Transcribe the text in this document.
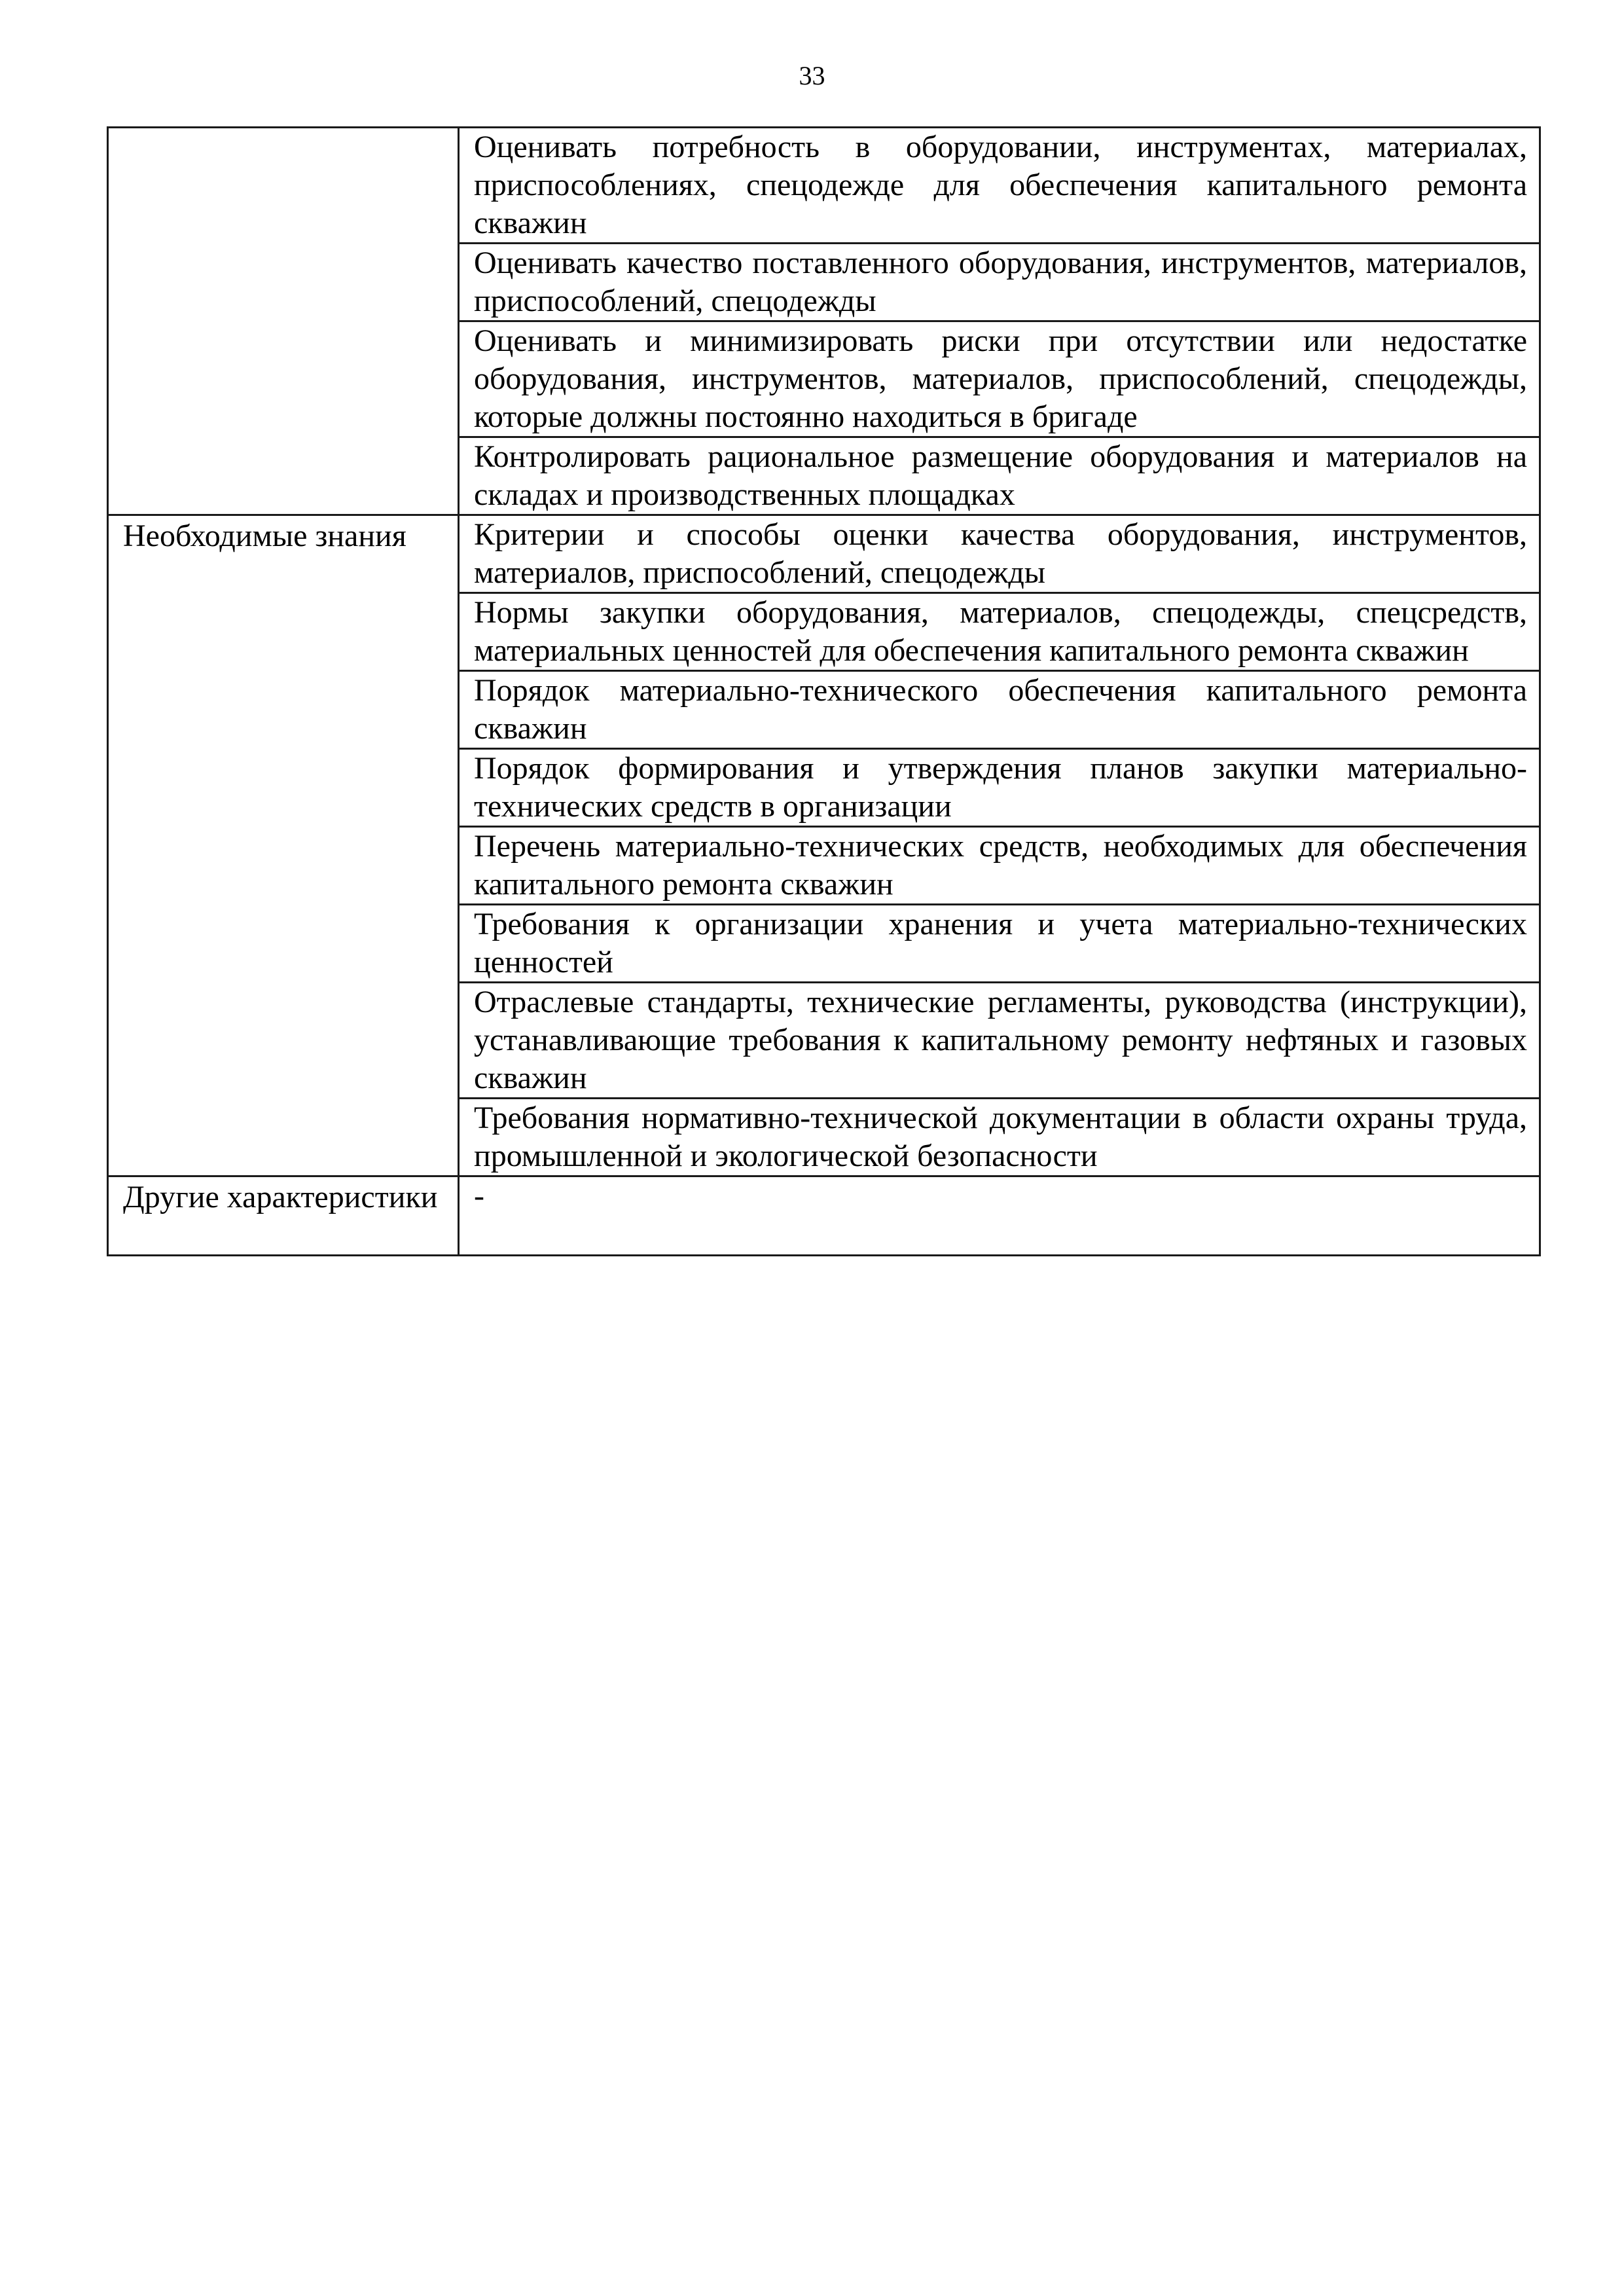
33
	Оценивать потребность в оборудовании, инструментах, материалах, приспособлениях, спецодежде для обеспечения капитального ремонта скважин
	Оценивать качество поставленного оборудования, инструментов, материалов, приспособлений, спецодежды
	Оценивать и минимизировать риски при отсутствии или недостатке оборудования, инструментов, материалов, приспособлений, спецодежды, которые должны постоянно находиться в бригаде
	Контролировать рациональное размещение оборудования и материалов на складах и производственных площадках
Необходимые знания	Критерии и способы оценки качества оборудования, инструментов, материалов, приспособлений, спецодежды
	Нормы закупки оборудования, материалов, спецодежды, спецсредств, материальных ценностей для обеспечения капитального ремонта скважин
	Порядок материально-технического обеспечения капитального ремонта скважин
	Порядок формирования и утверждения планов закупки материально-технических средств в организации
	Перечень материально-технических средств, необходимых для обеспечения капитального ремонта скважин
	Требования к организации хранения и учета материально-технических ценностей
	Отраслевые стандарты, технические регламенты, руководства (инструкции), устанавливающие требования к капитальному ремонту нефтяных и газовых скважин
	Требования нормативно-технической документации в области охраны труда, промышленной и экологической безопасности
Другие характеристики	-
